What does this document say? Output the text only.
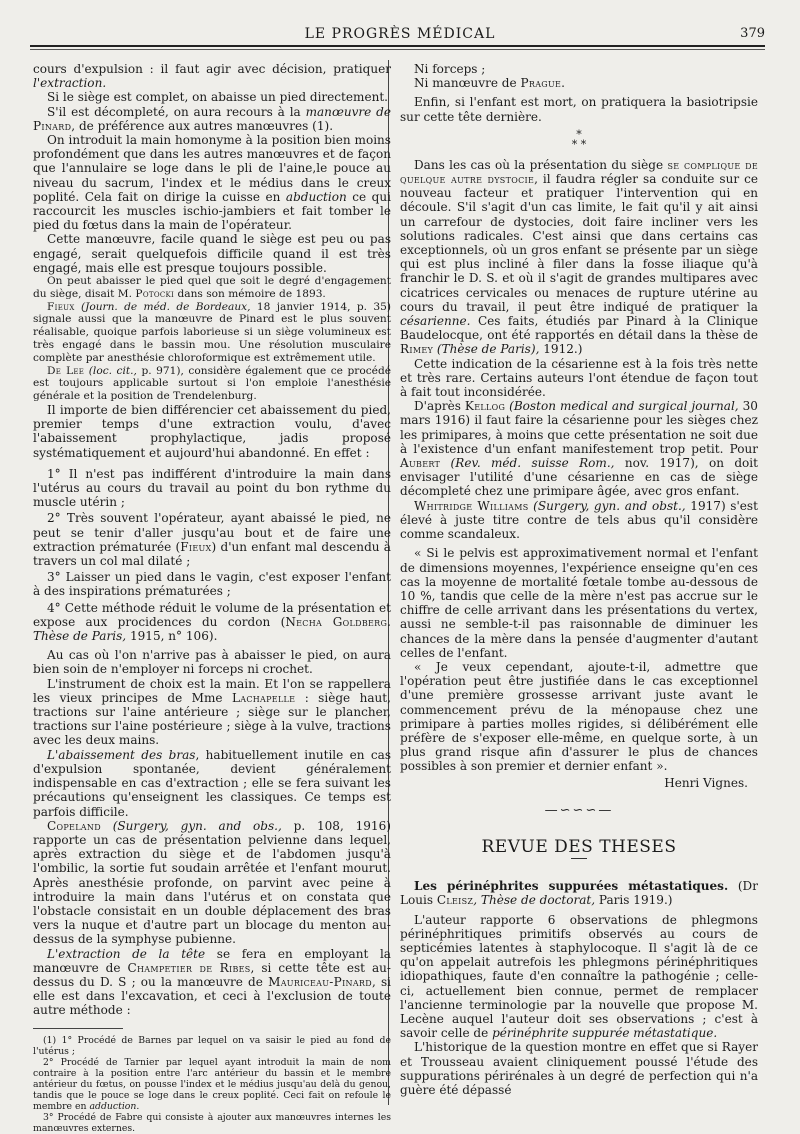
LE PROGRÈS MÉDICAL	379

cours d'expulsion : il faut agir avec décision, pratiquer l'extraction.

Si le siège est complet, on abaisse un pied directement.

S'il est décompleté, on aura recours à la manœuvre de Pinard, de préférence aux autres manœuvres (1).

On introduit la main homonyme à la position bien moins profondément que dans les autres manœuvres et de façon que l'annulaire se loge dans le pli de l'aine,le pouce au niveau du sacrum, l'index et le médius dans le creux poplité. Cela fait on dirige la cuisse en abduction ce qui raccourcit les muscles ischio-jambiers et fait tomber le pied du fœtus dans la main de l'opérateur.

Cette manœuvre, facile quand le siège est peu ou pas engagé, serait quelquefois difficile quand il est très engagé, mais elle est presque toujours possible.

On peut abaisser le pied quel que soit le degré d'engagement du siège, disait M. Potocki dans son mémoire de 1893.

Fieux (Journ. de méd. de Bordeaux, 18 janvier 1914, p. 35) signale aussi que la manœuvre de Pinard est le plus souvent réalisable, quoique parfois laborieuse si un siège volumineux est très engagé dans le bassin mou. Une résolution musculaire complète par anesthésie chloroformique est extrêmement utile.

De Lee (loc. cit., p. 971), considère également que ce procédé est toujours applicable surtout si l'on emploie l'anesthésie générale et la position de Trendelenburg.

Il importe de bien différencier cet abaissement du pied, premier temps d'une extraction voulu, d'avec l'abaissement prophylactique, jadis proposé systématiquement et aujourd'hui abandonné. En effet :

1° Il n'est pas indifférent d'introduire la main dans l'utérus au cours du travail au point du bon rythme du muscle utérin ;

2° Très souvent l'opérateur, ayant abaissé le pied, ne peut se tenir d'aller jusqu'au bout et de faire une extraction prématurée (Fieux) d'un enfant mal descendu à travers un col mal dilaté ;

3° Laisser un pied dans le vagin, c'est exposer l'enfant à des inspirations prématurées ;

4° Cette méthode réduit le volume de la présentation et expose aux procidences du cordon (Necha Goldberg. Thèse de Paris, 1915, n° 106).

Au cas où l'on n'arrive pas à abaisser le pied, on aura bien soin de n'employer ni forceps ni crochet.

L'instrument de choix est la main. Et l'on se rappellera les vieux principes de Mme Lachapelle : siège haut, tractions sur l'aine antérieure ; siège sur le plancher, tractions sur l'aine postérieure ; siège à la vulve, tractions avec les deux mains.

L'abaissement des bras, habituellement inutile en cas d'expulsion spontanée, devient généralement indispensable en cas d'extraction ; elle se fera suivant les précautions qu'enseignent les classiques. Ce temps est parfois difficile.

Copeland (Surgery, gyn. and obs., p. 108, 1916) rapporte un cas de présentation pelvienne dans lequel, après extraction du siège et de l'abdomen jusqu'à l'ombilic, la sortie fut soudain arrêtée et l'enfant mourut. Après anesthésie profonde, on parvint avec peine à introduire la main dans l'utérus et on constata que l'obstacle consistait en un double déplacement des bras vers la nuque et d'autre part un blocage du menton au-dessus de la symphyse pubienne.

L'extraction de la tête se fera en employant la manœuvre de Champetier de Ribes, si cette tête est au-dessus du D. S ; ou la manœuvre de Mauriceau-Pinard, si elle est dans l'excavation, et ceci à l'exclusion de toute autre méthode :

(1) 1° Procédé de Barnes par lequel on va saisir le pied au fond de l'utérus ;

2° Procédé de Tarnier par lequel ayant introduit la main de nom contraire à la position entre l'arc antérieur du bassin et le membre antérieur du fœtus, on pousse l'index et le médius jusqu'au delà du genou, tandis que le pouce se loge dans le creux poplité. Ceci fait on refoule le membre en adduction.

3° Procédé de Fabre qui consiste à ajouter aux manœuvres internes les manœuvres externes.

Ni forceps ;

Ni manœuvre de Prague.

Enfin, si l'enfant est mort, on pratiquera la basiotripsie sur cette tête dernière.

*
* *

Dans les cas où la présentation du siège se complique de quelque autre dystocie, il faudra régler sa conduite sur ce nouveau facteur et pratiquer l'intervention qui en découle. S'il s'agit d'un cas limite, le fait qu'il y ait ainsi un carrefour de dystocies, doit faire incliner vers les solutions radicales. C'est ainsi que dans certains cas exceptionnels, où un gros enfant se présente par un siège qui est plus incliné à filer dans la fosse iliaque qu'à franchir le D. S. et où il s'agit de grandes multipares avec cicatrices cervicales ou menaces de rupture utérine au cours du travail, il peut être indiqué de pratiquer la césarienne. Ces faits, étudiés par Pinard à la Clinique Baudelocque, ont été rapportés en détail dans la thèse de Rimey (Thèse de Paris), 1912.)

Cette indication de la césarienne est à la fois très nette et très rare. Certains auteurs l'ont étendue de façon tout à fait tout inconsidérée.

D'après Kellog (Boston medical and surgical journal, 30 mars 1916) il faut faire la césarienne pour les sièges chez les primipares, à moins que cette présentation ne soit due à l'existence d'un enfant manifestement trop petit. Pour Aubert (Rev. méd. suisse Rom., nov. 1917), on doit envisager l'utilité d'une césarienne en cas de siège décompleté chez une primipare âgée, avec gros enfant.

Whitridge Williams (Surgery, gyn. and obst., 1917) s'est élevé à juste titre contre de tels abus qu'il considère comme scandaleux.

« Si le pelvis est approximativement normal et l'enfant de dimensions moyennes, l'expérience enseigne qu'en ces cas la moyenne de mortalité fœtale tombe au-dessous de 10 %, tandis que celle de la mère n'est pas accrue sur le chiffre de celle arrivant dans les présentations du vertex, aussi ne semble-t-il pas raisonnable de diminuer les chances de la mère dans la pensée d'augmenter d'autant celles de l'enfant.

« Je veux cependant, ajoute-t-il, admettre que l'opération peut être justifiée dans le cas exceptionnel d'une première grossesse arrivant juste avant le commencement prévu de la ménopause chez une primipare à parties molles rigides, si délibérément elle préfère de s'exposer elle-même, en quelque sorte, à un plus grand risque afin d'assurer le plus de chances possibles à son premier et dernier enfant ».

Henri Vignes.
—∽∽∽—
REVUE DES THESES

Les périnéphrites suppurées métastatiques. (Dr Louis Cleisz, Thèse de doctorat, Paris 1919.)

L'auteur rapporte 6 observations de phlegmons périnéphritiques primitifs observés au cours de septicémies latentes à staphylocoque. Il s'agit là de ce qu'on appelait autrefois les phlegmons périnéphritiques idiopathiques, faute d'en connaître la pathogénie ; celle-ci, actuellement bien connue, permet de remplacer l'ancienne terminologie par la nouvelle que propose M. Lecène auquel l'auteur doit ses observations ; c'est à savoir celle de périnéphrite suppurée métastatique.

L'historique de la question montre en effet que si Rayer et Trousseau avaient cliniquement poussé l'étude des suppurations périrénales à un degré de perfection qui n'a guère été dépassé
